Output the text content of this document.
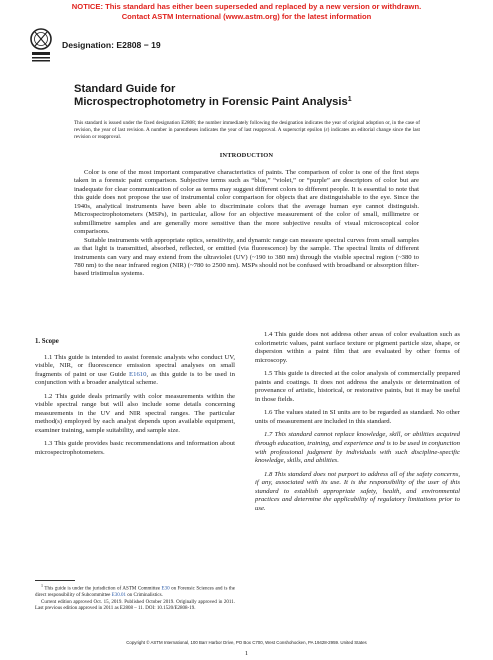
NOTICE: This standard has either been superseded and replaced by a new version or withdrawn.
Contact ASTM International (www.astm.org) for the latest information
Designation: E2808 − 19
Standard Guide for
Microspectrophotometry in Forensic Paint Analysis$^1$
This standard is issued under the fixed designation E2808; the number immediately following the designation indicates the year of original adoption or, in the case of revision, the year of last revision. A number in parentheses indicates the year of last reapproval. A superscript epsilon (ε) indicates an editorial change since the last revision or reapproval.
INTRODUCTION

Color is one of the most important comparative characteristics of paints. The comparison of color is one of the first steps taken in a forensic paint comparison. Subjective terms such as “blue,” “violet,” or “purple” are descriptors of color but are inadequate for clear communication of color as terms may suggest different colors to different people. It is essential to note that this guide does not propose the use of instrumental color comparison for objects that are distinguishable to the eye. Since the 1940s, analytical instruments have been able to discriminate colors that the average human eye cannot distinguish. Microspectrophotometers (MSPs), in particular, allow for an objective measurement of the color of small, millimetre or submillimetre samples and are generally more sensitive than the more subjective results of visual microscopical color comparisons.

Suitable instruments with appropriate optics, sensitivity, and dynamic range can measure spectral curves from small samples as that light is transmitted, absorbed, reflected, or emitted (via fluorescence) by the sample. The spectral limits of different instruments can vary and may extend from the ultraviolet (UV) (~190 to 380 nm) through the visible spectral region (~380 to 780 nm) to the near infrared region (NIR) (~780 to 2500 nm). MSPs should not be confused with broadband or absorption filter-based tristimulus systems.

1. Scope

1.1 This guide is intended to assist forensic analysts who conduct UV, visible, NIR, or fluorescence emission spectral analyses on small fragments of paint or use Guide E1610, as this guide is to be used in conjunction with a broader analytical scheme.

1.2 This guide deals primarily with color measurements within the visible spectral range but will also include some details concerning measurements in the UV and NIR spectral ranges. The particular method(s) employed by each analyst depends upon available equipment, examiner training, sample suitability, and sample size.

1.3 This guide provides basic recommendations and information about microspectrophotometers.

1.4 This guide does not address other areas of color evaluation such as colorimetric values, paint surface texture or pigment particle size, shape, or dispersion within a paint film that are evaluated by other forms of microscopy.

1.5 This guide is directed at the color analysis of commercially prepared paints and coatings. It does not address the analysis or determination of provenance of artistic, historical, or restorative paints, but it may be useful in those fields.

1.6 The values stated in SI units are to be regarded as standard. No other units of measurement are included in this standard.

1.7 This standard cannot replace knowledge, skill, or abilities acquired through education, training, and experience and is to be used in conjunction with professional judgment by individuals with such discipline-specific knowledge, skills, and abilities.

1.8 This standard does not purport to address all of the safety concerns, if any, associated with its use. It is the responsibility of the user of this standard to establish appropriate safety, health, and environmental practices and determine the applicability of regulatory limitations prior to use.

$^1$ This guide is under the jurisdiction of ASTM Committee E30 on Forensic Sciences and is the direct responsibility of Subcommittee E30.01 on Criminalistics.

Current edition approved Oct. 15, 2019. Published October 2019. Originally approved in 2011. Last previous edition approved in 2011 as E2808 – 11. DOI: 10.1520/E2808-19.

Copyright © ASTM International, 100 Barr Harbor Drive, PO Box C700, West Conshohocken, PA 19428-2959. United States
1
